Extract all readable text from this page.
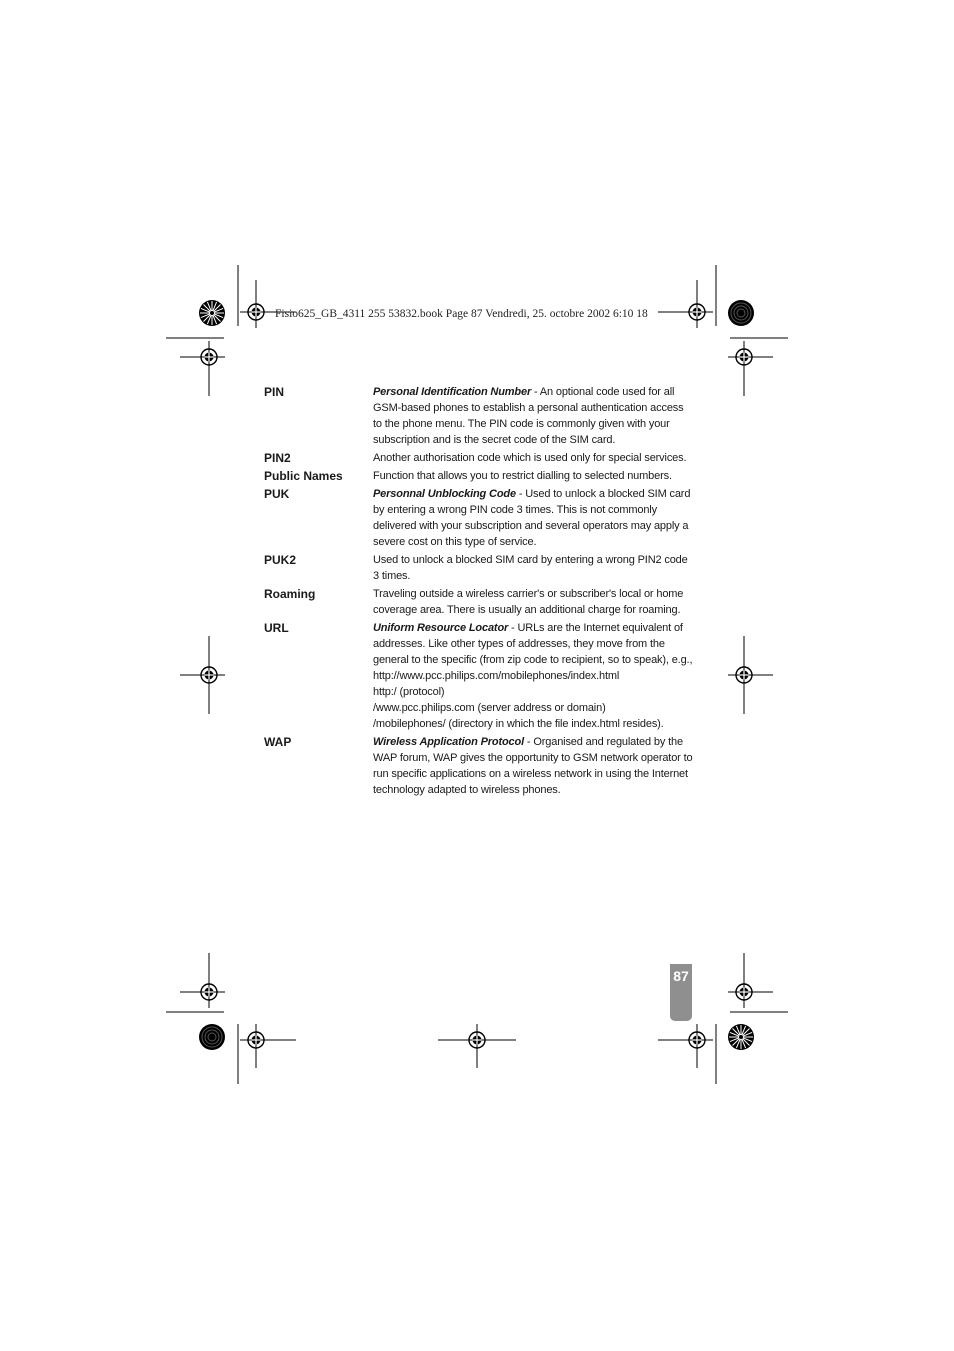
Fisio625_GB_4311 255 53832.book Page 87 Vendredi, 25. octobre 2002 6:10 18
PIN	Personal Identification Number - An optional code used for all GSM-based phones to establish a personal authentication access to the phone menu. The PIN code is commonly given with your subscription and is the secret code of the SIM card.
PIN2	Another authorisation code which is used only for special services.
Public Names	Function that allows you to restrict dialling to selected numbers.
PUK	Personnal Unblocking Code - Used to unlock a blocked SIM card by entering a wrong PIN code 3 times. This is not commonly delivered with your subscription and several operators may apply a severe cost on this type of service.
PUK2	Used to unlock a blocked SIM card by entering a wrong PIN2 code 3 times.
Roaming	Traveling outside a wireless carrier's or subscriber's local or home coverage area. There is usually an additional charge for roaming.
URL	Uniform Resource Locator - URLs are the Internet equivalent of addresses. Like other types of addresses, they move from the general to the specific (from zip code to recipient, so to speak), e.g.,
http://www.pcc.philips.com/mobilephones/index.html
http:/ (protocol)
/www.pcc.philips.com (server address or domain)
/mobilephones/ (directory in which the file index.html resides).
WAP	Wireless Application Protocol - Organised and regulated by the WAP forum, WAP gives the opportunity to GSM network operator to run specific applications on a wireless network in using the Internet technology adapted to wireless phones.
87
